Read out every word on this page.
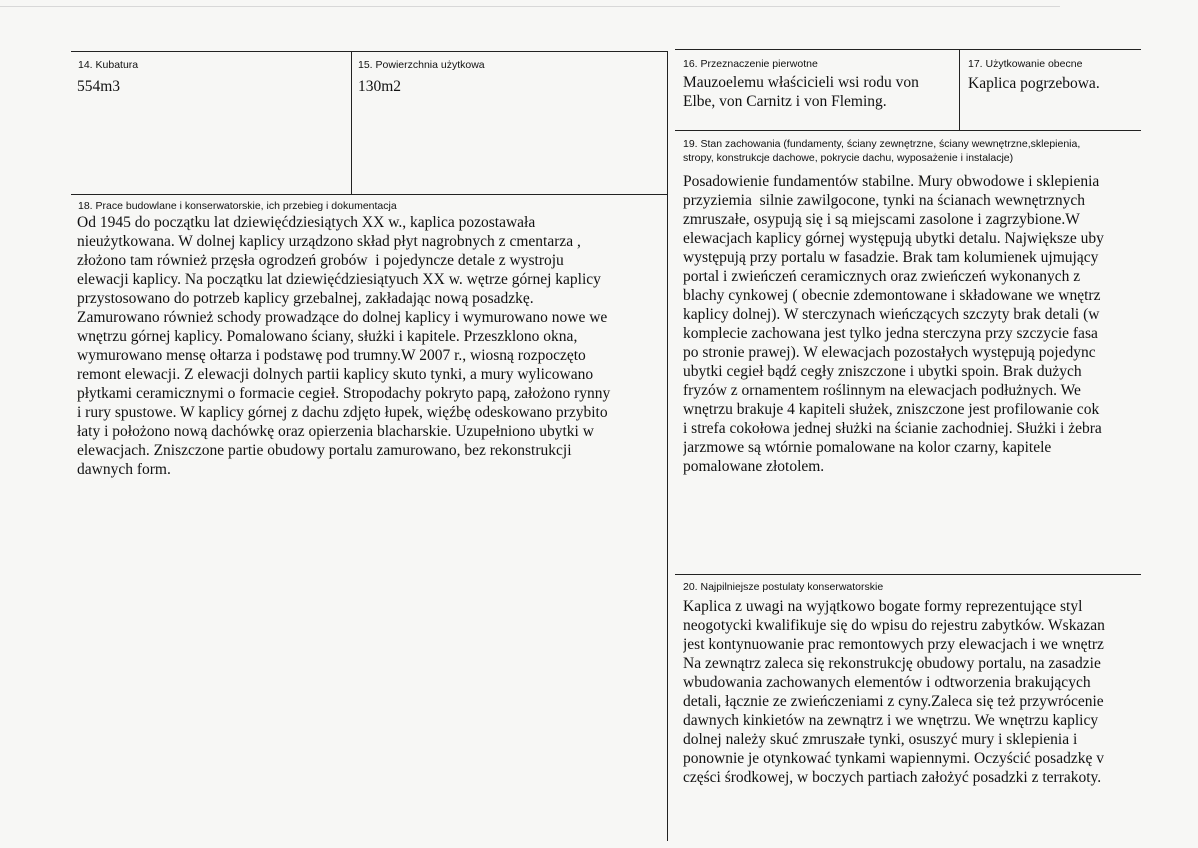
14. Kubatura
554m3
15. Powierzchnia użytkowa
130m2
16. Przeznaczenie pierwotne
Mauzoelemu właścicieli wsi rodu von
Elbe, von Carnitz i von Fleming.
17. Użytkowanie obecne
Kaplica pogrzebowa.
18. Prace budowlane i konserwatorskie, ich przebieg i dokumentacja
Od 1945 do początku lat dziewięćdziesiątych XX w., kaplica pozostawała
nieużytkowana. W dolnej kaplicy urządzono skład płyt nagrobnych z cmentarza ,
złożono tam również przęsła ogrodzeń grobów  i pojedyncze detale z wystroju
elewacji kaplicy. Na początku lat dziewięćdziesiątyuch XX w. wętrze górnej kaplicy
przystosowano do potrzeb kaplicy grzebalnej, zakładając nową posadzkę.
Zamurowano również schody prowadzące do dolnej kaplicy i wymurowano nowe we
wnętrzu górnej kaplicy. Pomalowano ściany, służki i kapitele. Przeszklono okna,
wymurowano mensę ołtarza i podstawę pod trumny.W 2007 r., wiosną rozpoczęto
remont elewacji. Z elewacji dolnych partii kaplicy skuto tynki, a mury wylicowano
płytkami ceramicznymi o formacie cegieł. Stropodachy pokryto papą, założono rynny
i rury spustowe. W kaplicy górnej z dachu zdjęto łupek, więźbę odeskowano przybito
łaty i położono nową dachówkę oraz opierzenia blacharskie. Uzupełniono ubytki w
elewacjach. Zniszczone partie obudowy portalu zamurowano, bez rekonstrukcji
dawnych form.
19. Stan zachowania (fundamenty, ściany zewnętrzne, ściany wewnętrzne,sklepienia,
stropy, konstrukcje dachowe, pokrycie dachu, wyposażenie i instalacje)
Posadowienie fundamentów stabilne. Mury obwodowe i sklepienia
przyziemia  silnie zawilgocone, tynki na ścianach wewnętrznych
zmruszałe, osypują się i są miejscami zasolone i zagrzybione.W
elewacjach kaplicy górnej występują ubytki detalu. Największe uby
występują przy portalu w fasadzie. Brak tam kolumienek ujmujący
portal i zwieńczeń ceramicznych oraz zwieńczeń wykonanych z
blachy cynkowej ( obecnie zdemontowane i składowane we wnętrz
kaplicy dolnej). W sterczynach wieńczących szczyty brak detali (w
komplecie zachowana jest tylko jedna sterczyna przy szczycie fasa
po stronie prawej). W elewacjach pozostałych występują pojedync
ubytki cegieł bądź cegły zniszczone i ubytki spoin. Brak dużych
fryzów z ornamentem roślinnym na elewacjach podłużnych. We
wnętrzu brakuje 4 kapiteli służek, zniszczone jest profilowanie cok
i strefa cokołowa jednej służki na ścianie zachodniej. Służki i żebra
jarzmowe są wtórnie pomalowane na kolor czarny, kapitele
pomalowane złotolem.
20. Najpilniejsze postulaty konserwatorskie
Kaplica z uwagi na wyjątkowo bogate formy reprezentujące styl
neogotycki kwalifikuje się do wpisu do rejestru zabytków. Wskazan
jest kontynuowanie prac remontowych przy elewacjach i we wnętrz
Na zewnątrz zaleca się rekonstrukcję obudowy portalu, na zasadzie
wbudowania zachowanych elementów i odtworzenia brakujących
detali, łącznie ze zwieńczeniami z cyny.Zaleca się też przywrócenie
dawnych kinkietów na zewnątrz i we wnętrzu. We wnętrzu kaplicy
dolnej należy skuć zmruszałe tynki, osuszyć mury i sklepienia i
ponownie je otynkować tynkami wapiennymi. Oczyścić posadzkę v
części środkowej, w boczych partiach założyć posadzki z terrakoty.
